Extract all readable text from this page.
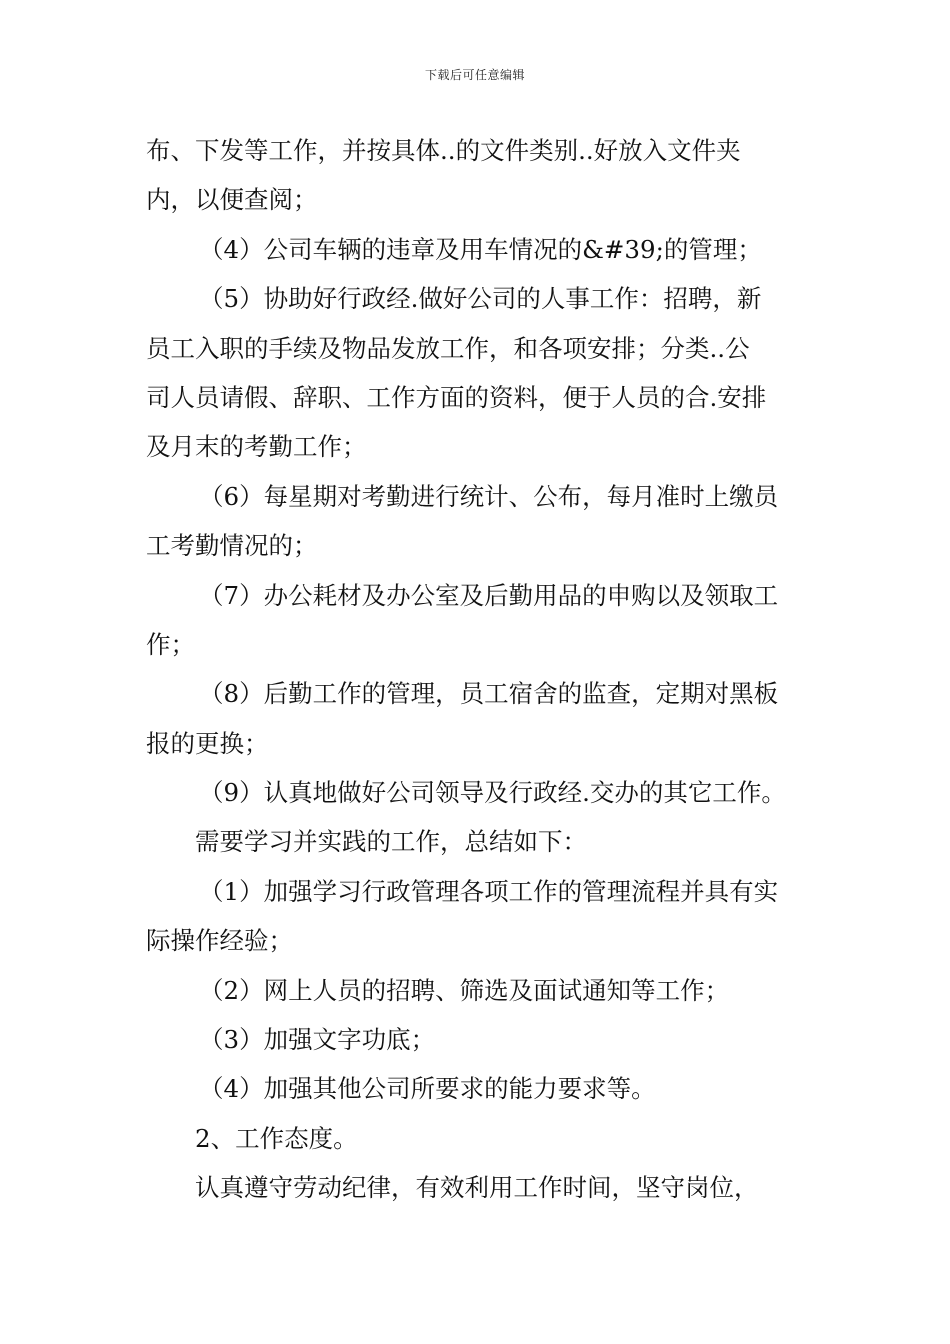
下载后可任意编辑
布、下发等工作，并按具体..的文件类别..好放入文件夹
内，以便查阅；
（4）公司车辆的违章及用车情况的&#39;的管理；
（5）协助好行政经.做好公司的人事工作：招聘，新
员工入职的手续及物品发放工作，和各项安排；分类..公
司人员请假、辞职、工作方面的资料，便于人员的合.安排
及月末的考勤工作；
（6）每星期对考勤进行统计、公布，每月准时上缴员
工考勤情况的；
（7）办公耗材及办公室及后勤用品的申购以及领取工
作；
（8）后勤工作的管理，员工宿舍的监查，定期对黑板
报的更换；
（9）认真地做好公司领导及行政经.交办的其它工作。
需要学习并实践的工作，总结如下：
（1）加强学习行政管理各项工作的管理流程并具有实
际操作经验；
（2）网上人员的招聘、筛选及面试通知等工作；
（3）加强文字功底；
（4）加强其他公司所要求的能力要求等。
2、工作态度。
认真遵守劳动纪律，有效利用工作时间，坚守岗位，
